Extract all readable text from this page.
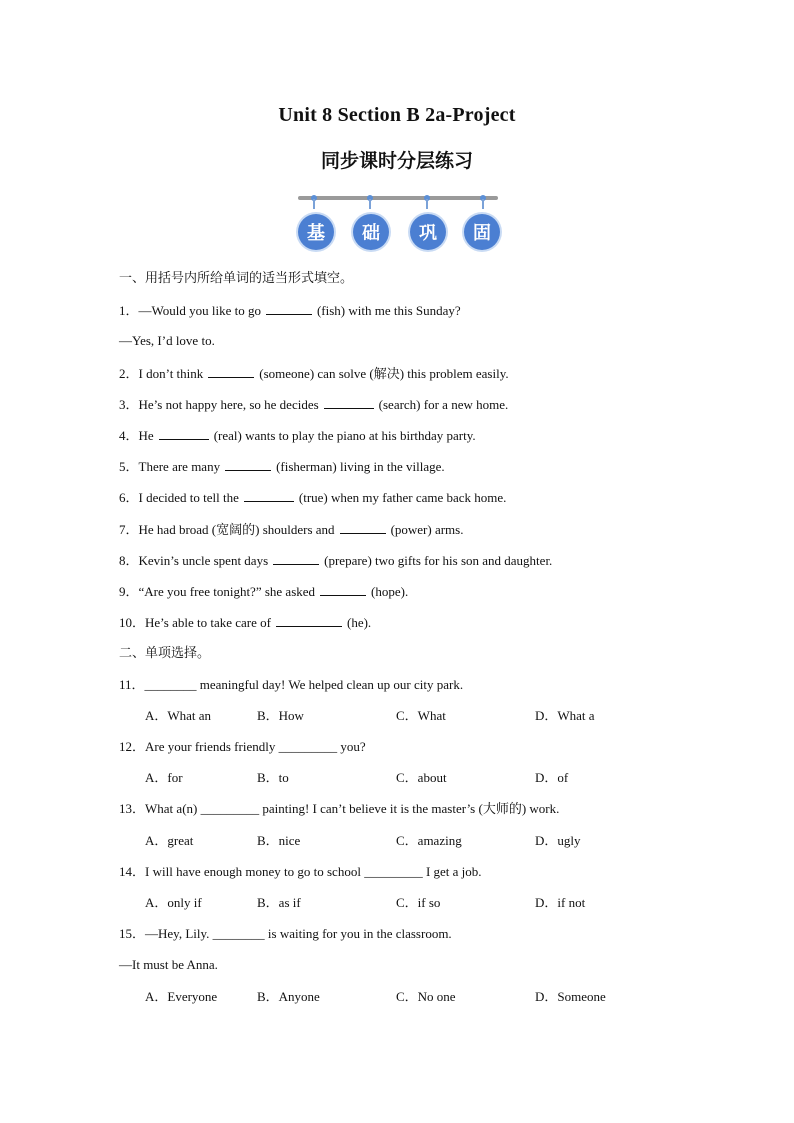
Unit 8 Section B 2a-Project
同步课时分层练习
基	础	巩	固
一、用括号内所给单词的适当形式填空。
1．—Would you like to go	(fish) with me this Sunday?
—Yes, I’d love to.
2．I don’t think	(someone) can solve (解决) this problem easily.
3．He’s not happy here, so he decides	(search) for a new home.
4．He	(real) wants to play the piano at his birthday party.
5．There are many	(fisherman) living in the village.
6．I decided to tell the	(true) when my father came back home.
7．He had broad (宽阔的) shoulders and	(power) arms.
8．Kevin’s uncle spent days	(prepare) two gifts for his son and daughter.
9．“Are you free tonight?” she asked	(hope).
10．He’s able to take care of	(he).
二、单项选择。
11．________ meaningful day! We helped clean up our city park.
A．What an	B．How	C．What	D．What a
12．Are your friends friendly _________ you?
A．for	B．to	C．about	D．of
13．What a(n) _________ painting! I can’t believe it is the master’s (大师的) work.
A．great	B．nice	C．amazing	D．ugly
14．I will have enough money to go to school _________ I get a job.
A．only if	B．as if	C．if so	D．if not
15．—Hey, Lily. ________ is waiting for you in the classroom.
—It must be Anna.
A．Everyone	B．Anyone	C．No one	D．Someone
